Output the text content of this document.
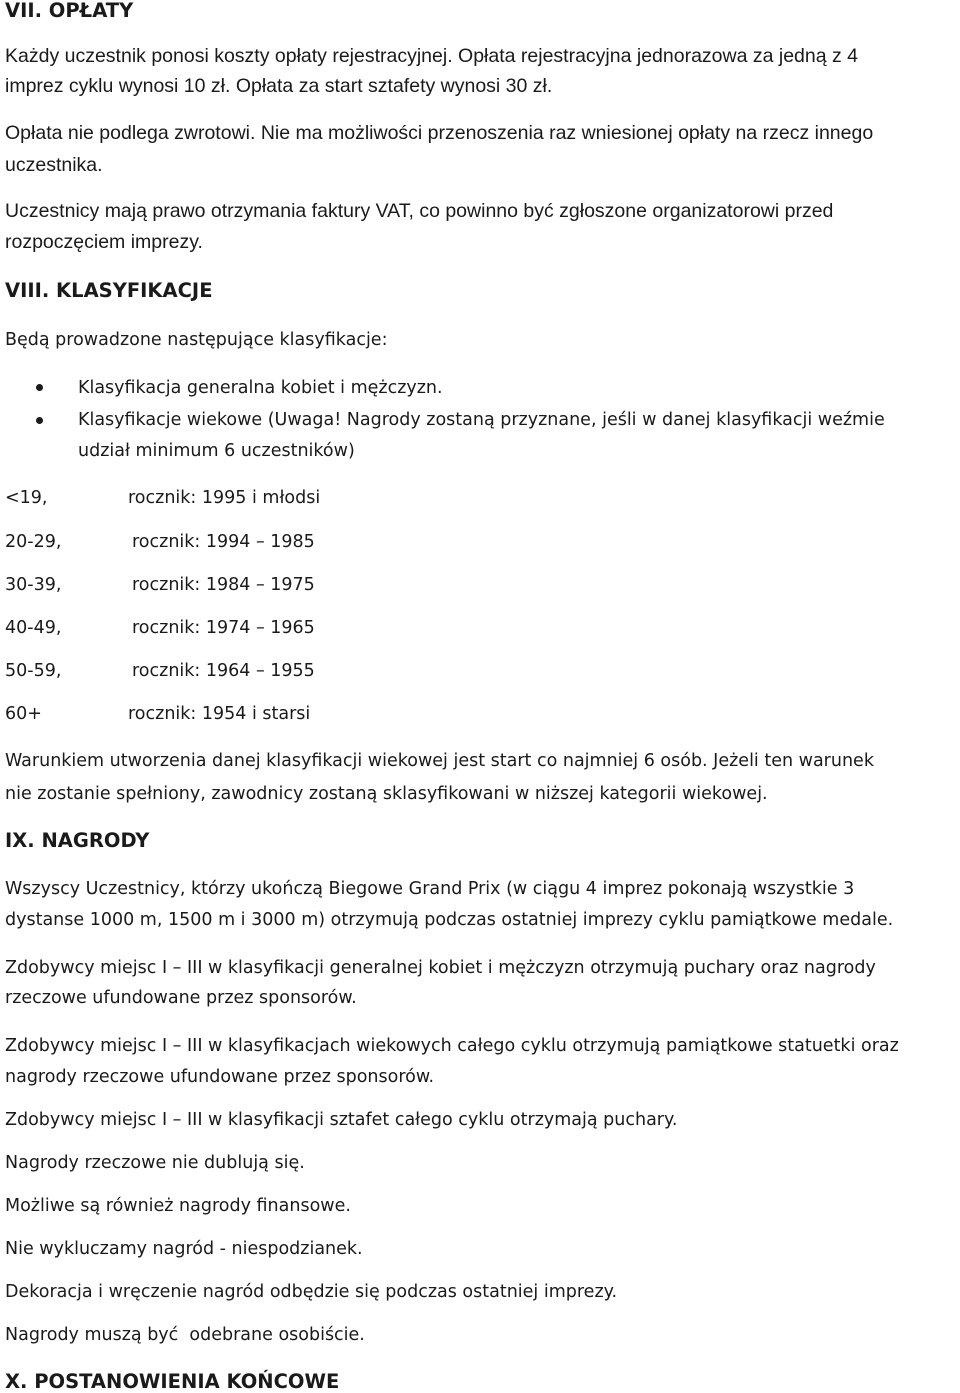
VII. OPŁATY

Każdy uczestnik ponosi koszty opłaty rejestracyjnej. Opłata rejestracyjna jednorazowa za jedną z 4

imprez cyklu wynosi 10 zł. Opłata za start sztafety wynosi 30 zł.

Opłata nie podlega zwrotowi. Nie ma możliwości przenoszenia raz wniesionej opłaty na rzecz innego

uczestnika.

Uczestnicy mają prawo otrzymania faktury VAT, co powinno być zgłoszone organizatorowi przed

rozpoczęciem imprezy.

VIII. KLASYFIKACJE

Będą prowadzone następujące klasyfikacje:

Klasyfikacja generalna kobiet i mężczyzn.

Klasyfikacje wiekowe (Uwaga! Nagrody zostaną przyznane, jeśli w danej klasyfikacji weźmie

udział minimum 6 uczestników)

<19,	rocznik: 1995 i młodsi
20-29,	rocznik: 1994 – 1985
30-39,	rocznik: 1984 – 1975
40-49,	rocznik: 1974 – 1965
50-59,	rocznik: 1964 – 1955
60+	rocznik: 1954 i starsi

Warunkiem utworzenia danej klasyfikacji wiekowej jest start co najmniej 6 osób. Jeżeli ten warunek

nie zostanie spełniony, zawodnicy zostaną sklasyfikowani w niższej kategorii wiekowej.

IX. NAGRODY

Wszyscy Uczestnicy, którzy ukończą Biegowe Grand Prix (w ciągu 4 imprez pokonają wszystkie 3

dystanse 1000 m, 1500 m i 3000 m) otrzymują podczas ostatniej imprezy cyklu pamiątkowe medale.

Zdobywcy miejsc I – III w klasyfikacji generalnej kobiet i mężczyzn otrzymują puchary oraz nagrody

rzeczowe ufundowane przez sponsorów.

Zdobywcy miejsc I – III w klasyfikacjach wiekowych całego cyklu otrzymują pamiątkowe statuetki oraz

nagrody rzeczowe ufundowane przez sponsorów.

Zdobywcy miejsc I – III w klasyfikacji sztafet całego cyklu otrzymają puchary.

Nagrody rzeczowe nie dublują się.

Możliwe są również nagrody finansowe.

Nie wykluczamy nagród - niespodzianek.

Dekoracja i wręczenie nagród odbędzie się podczas ostatniej imprezy.

Nagrody muszą być  odebrane osobiście.

X. POSTANOWIENIA KOŃCOWE
